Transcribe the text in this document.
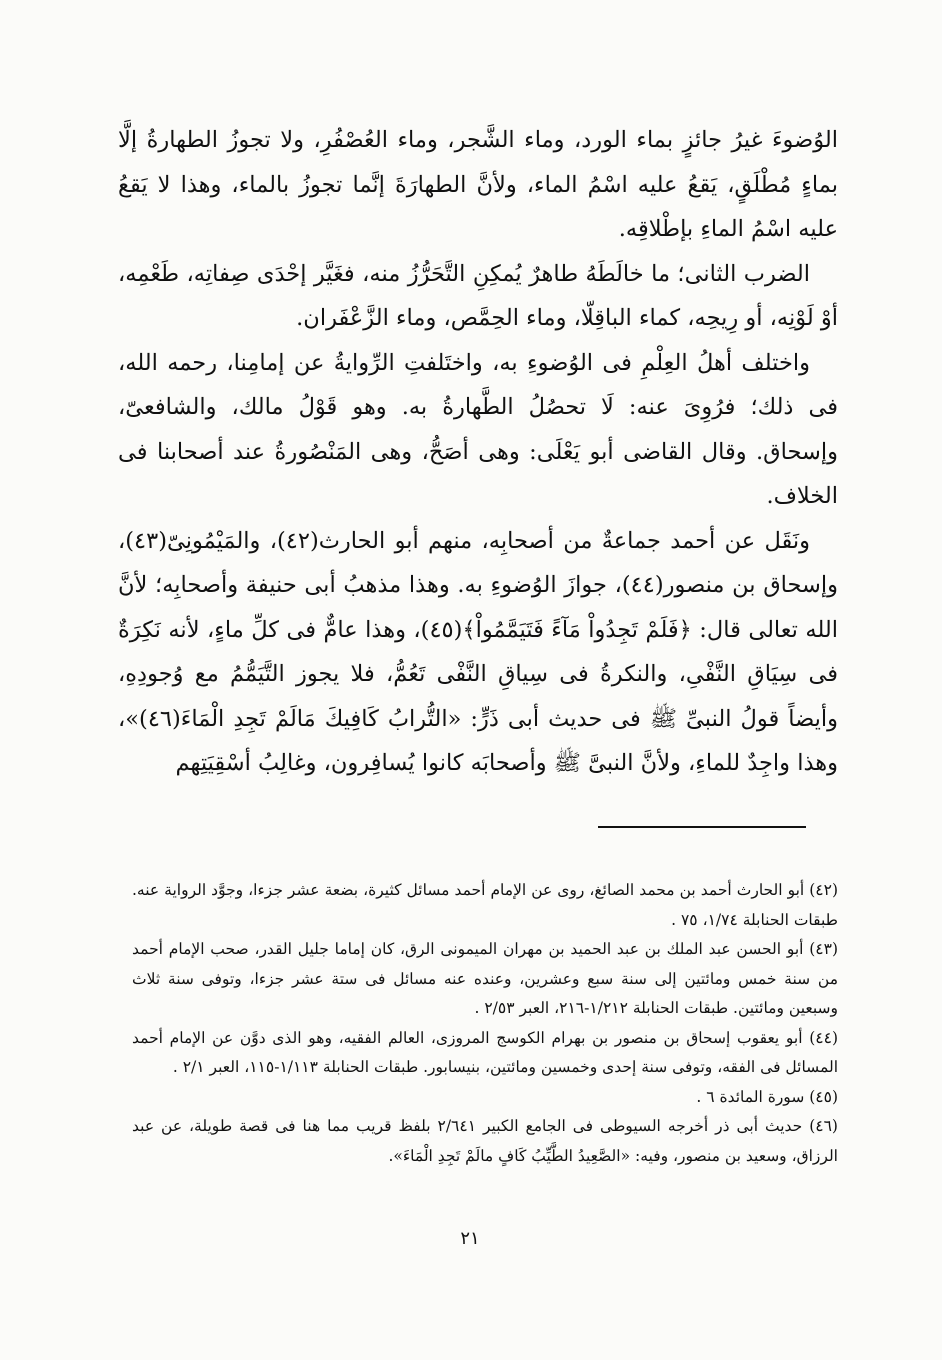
الوُضوءَ غيرُ جائزٍ بماء الورد، وماء الشَّجر، وماء العُصْفُرِ، ولا تجوزُ الطهارةُ إلَّا بماءٍ مُطْلَقٍ، يَقعُ عليه اسْمُ الماء، ولأنَّ الطهارَةَ إنَّما تجوزُ بالماء، وهذا لا يَقعُ عليه اسْمُ الماءِ بإطْلاقِه.

الضرب الثانى؛ ما خالَطَهُ طاهرٌ يُمكِنِ التَّحَرُّزُ منه، فغَيَّر إحْدَى صِفاتِه، طَعْمِه، أوْ لَوْنِه، أو رِيحِه، كماء الباقِلّا، وماء الحِمَّص، وماء الزَّعْفَران.

واختلف أهلُ العِلْمِ فى الوُضوءِ به، واختَلفتِ الرِّوايةُ عن إمامِنا، رحمه الله، فى ذلك؛ فرُوِىَ عنه: لَا تحصُلُ الطَّهارةُ به. وهو قَوْلُ مالك، والشافعىّ، وإسحاق. وقال القاضى أبو يَعْلَى: وهى أصَحُّ، وهى المَنْصُورةُ عند أصحابنا فى الخلاف.

ونَقَل عن أحمد جماعةٌ من أصحابِه، منهم أبو الحارث(٤٢)، والمَيْمُونِىّ(٤٣)، وإسحاق بن منصور(٤٤)، جوازَ الوُضوءِ به. وهذا مذهبُ أبى حنيفة وأصحابِه؛ لأنَّ الله تعالى قال: ﴿فَلَمْ تَجِدُواْ مَآءً فَتَيَمَّمُواْ﴾(٤٥)، وهذا عامٌّ فى كلِّ ماءٍ، لأنه نَكِرَةٌ فى سِيَاقِ النَّفْىِ، والنكرةُ فى سِياقِ النَّفْى تَعُمُّ، فلا يجوز التَّيَمُّمُ مع وُجودِهِ، وأيضاً قولُ النبىِّ ﷺ فى حديث أبى ذَرٍّ: «التُّرابُ كَافِيكَ مَالَمْ تَجِدِ الْمَاءَ(٤٦)»، وهذا واجِدٌ للماءِ، ولأنَّ النبىَّ ﷺ وأصحابَه كانوا يُسافِرون، وغالِبُ أسْقِيَتِهم

(٤٢) أبو الحارث أحمد بن محمد الصائغ، روى عن الإمام أحمد مسائل كثيرة، بضعة عشر جزءا، وجوَّد الرواية عنه. طبقات الحنابلة ١/٧٤، ٧٥ .

(٤٣) أبو الحسن عبد الملك بن عبد الحميد بن مهران الميمونى الرق، كان إماما جليل القدر، صحب الإمام أحمد من سنة خمس ومائتين إلى سنة سبع وعشرين، وعنده عنه مسائل فى ستة عشر جزءا، وتوفى سنة ثلاث وسبعين ومائتين. طبقات الحنابلة ١/٢١٢-٢١٦، العبر ٢/٥٣ .

(٤٤) أبو يعقوب إسحاق بن منصور بن بهرام الكوسج المروزى، العالم الفقيه، وهو الذى دوَّن عن الإمام أحمد المسائل فى الفقه، وتوفى سنة إحدى وخمسين ومائتين، بنيسابور. طبقات الحنابلة ١/١١٣-١١٥، العبر ٢/١ .

(٤٥) سورة المائدة ٦ .

(٤٦) حديث أبى ذر أخرجه السيوطى فى الجامع الكبير ٢/٦٤١ بلفظ قريب مما هنا فى قصة طويلة، عن عبد الرزاق، وسعيد بن منصور، وفيه: «الصَّعِيدُ الطَّيِّبُ كَافٍ مالَمْ تَجِدِ الْمَاءَ».

٢١
